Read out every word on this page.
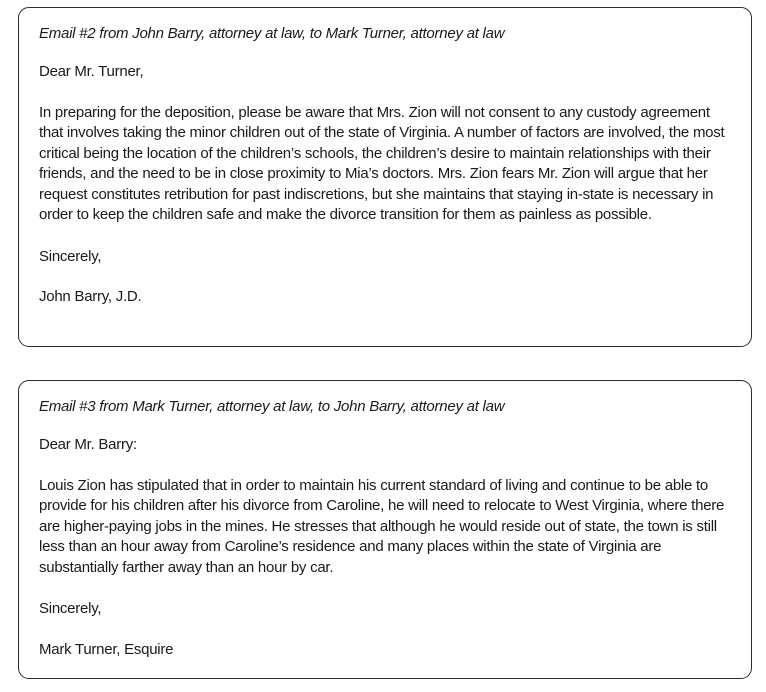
Email #2 from John Barry, attorney at law, to Mark Turner, attorney at law

Dear Mr. Turner,

In preparing for the deposition, please be aware that Mrs. Zion will not consent to any custody agreement that involves taking the minor children out of the state of Virginia. A number of factors are involved, the most critical being the location of the children’s schools, the children’s desire to maintain relationships with their friends, and the need to be in close proximity to Mia’s doctors. Mrs. Zion fears Mr. Zion will argue that her request constitutes retribution for past indiscretions, but she maintains that staying in-state is necessary in order to keep the children safe and make the divorce transition for them as painless as possible.

Sincerely,

John Barry, J.D.

Email #3 from Mark Turner, attorney at law, to John Barry, attorney at law

Dear Mr. Barry:

Louis Zion has stipulated that in order to maintain his current standard of living and continue to be able to provide for his children after his divorce from Caroline, he will need to relocate to West Virginia, where there are higher-paying jobs in the mines. He stresses that although he would reside out of state, the town is still less than an hour away from Caroline’s residence and many places within the state of Virginia are substantially farther away than an hour by car.

Sincerely,

Mark Turner, Esquire
